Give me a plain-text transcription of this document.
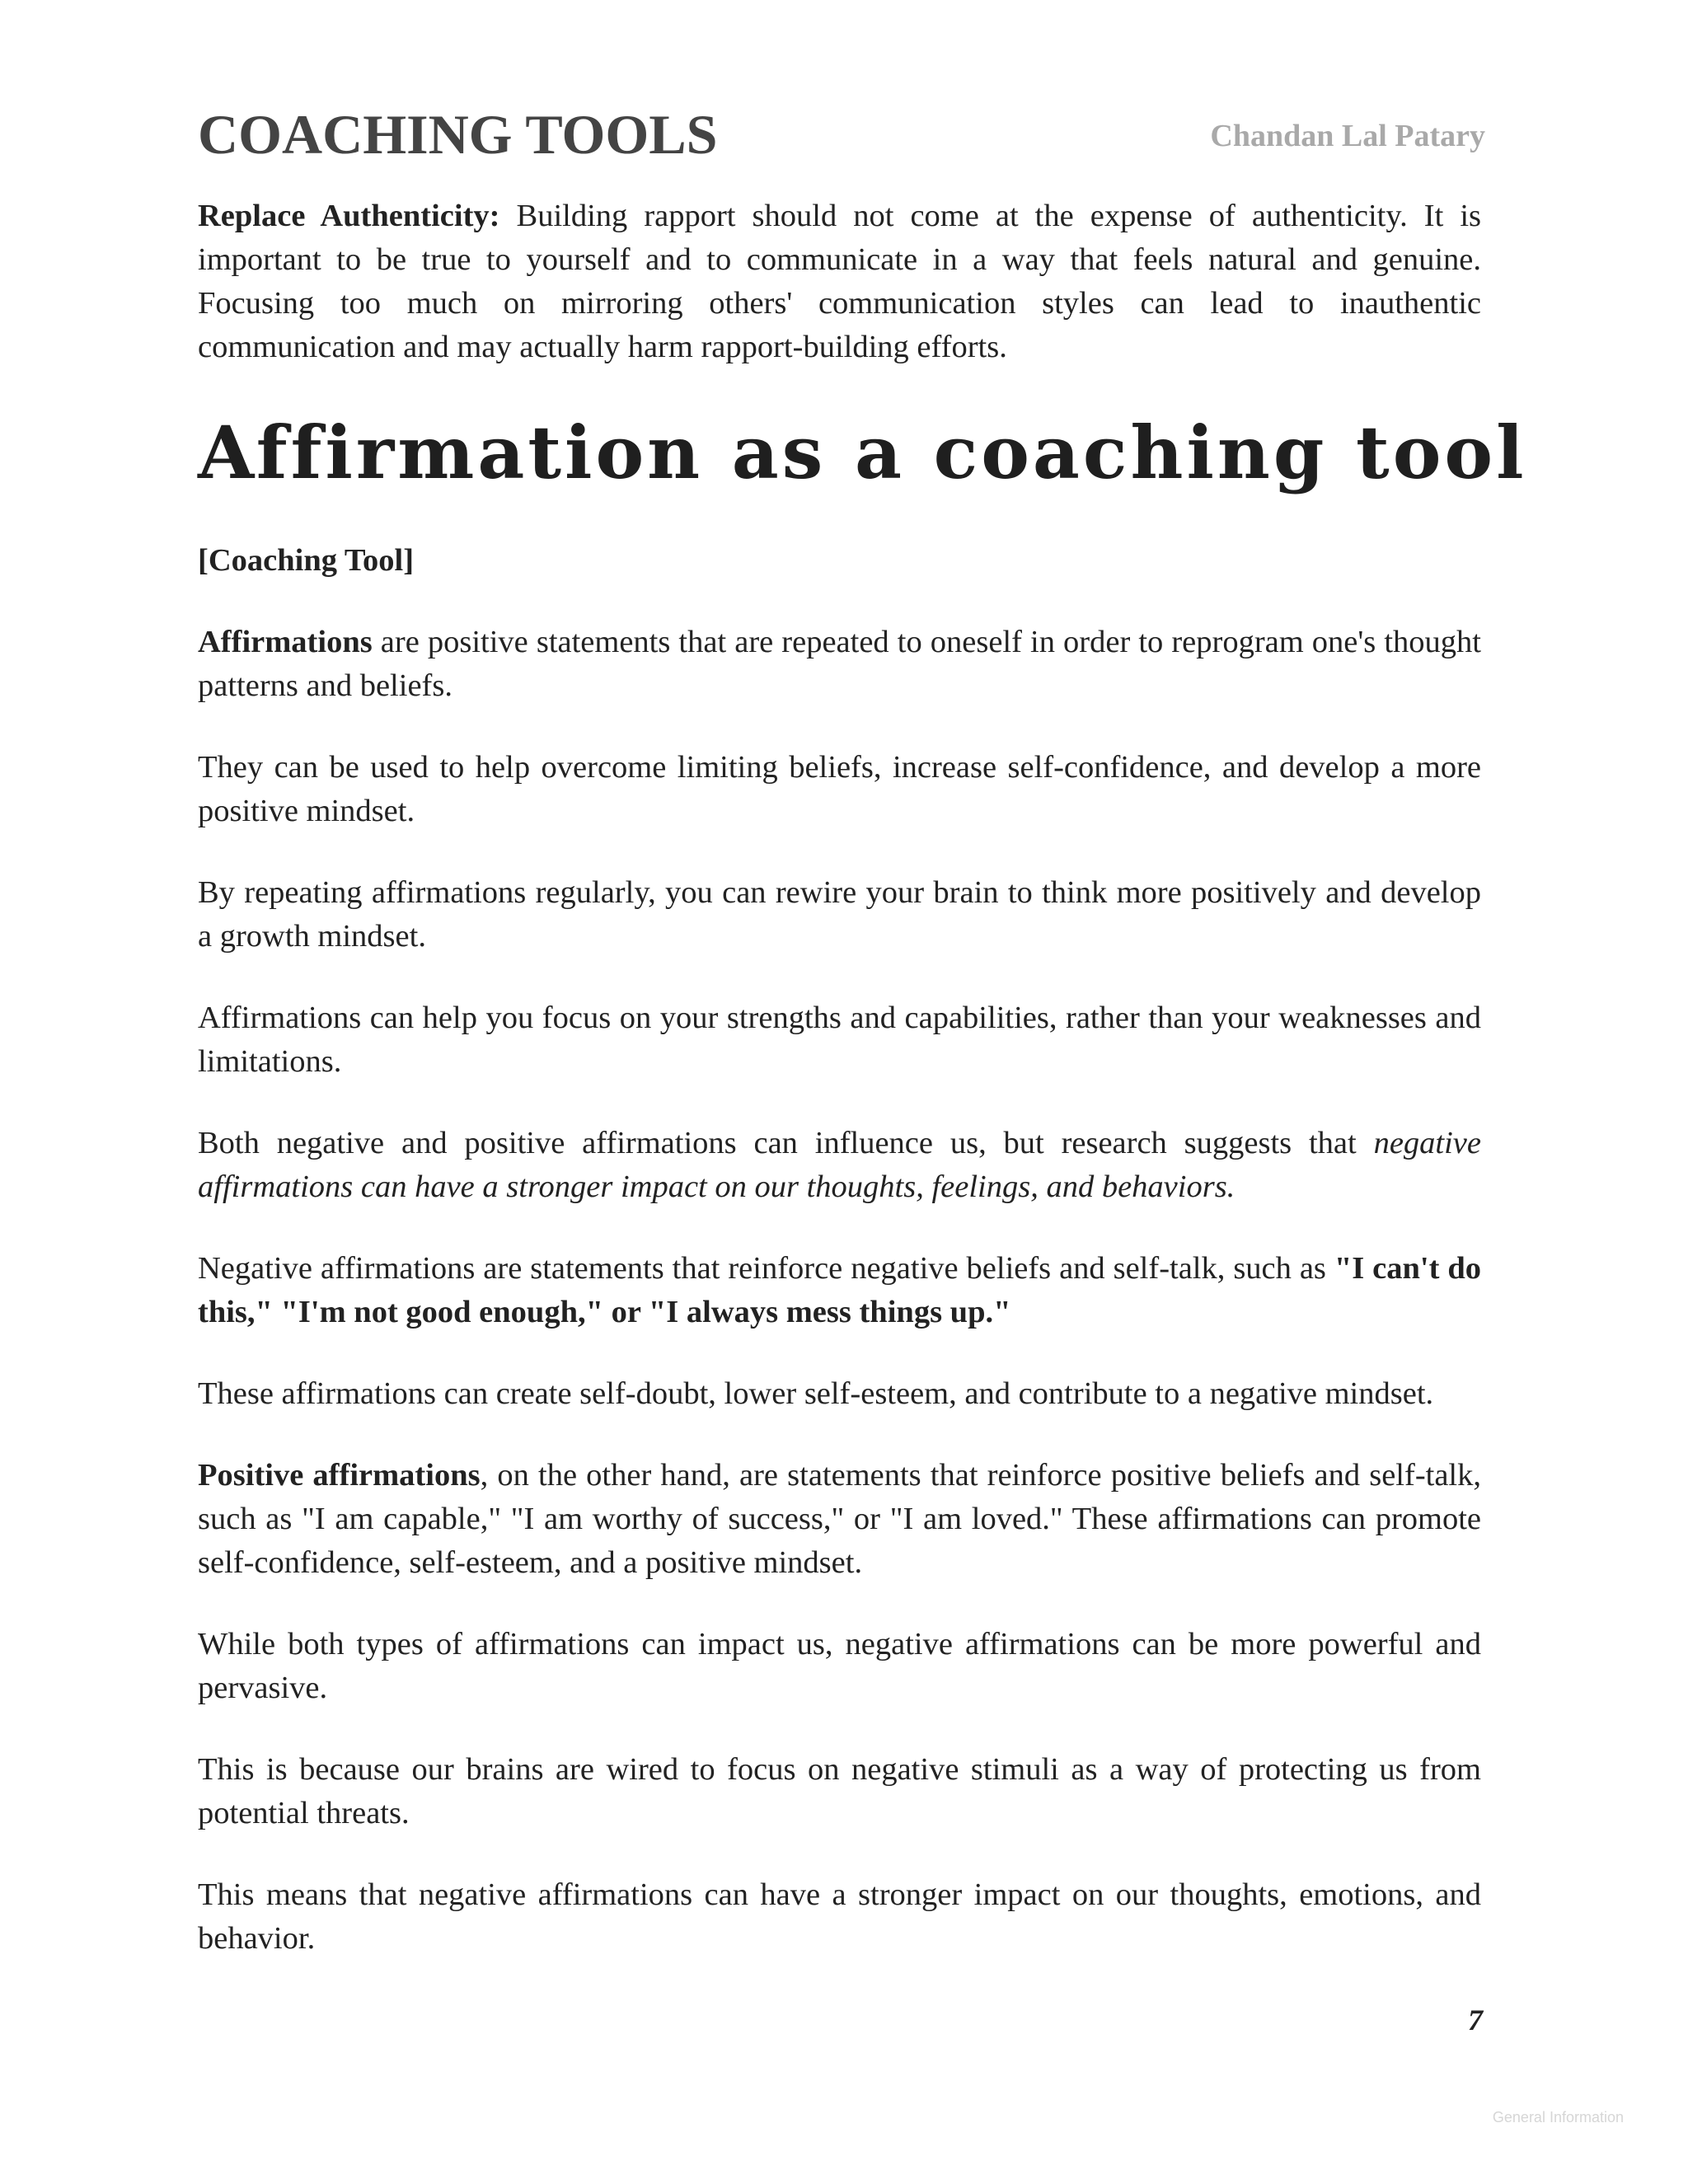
COACHING TOOLS	Chandan Lal Patary

Replace Authenticity: Building rapport should not come at the expense of authenticity. It is important to be true to yourself and to communicate in a way that feels natural and genuine. Focusing too much on mirroring others' communication styles can lead to inauthentic communication and may actually harm rapport-building efforts.

Affirmation as a coaching tool

[Coaching Tool]

Affirmations are positive statements that are repeated to oneself in order to reprogram one's thought patterns and beliefs.

They can be used to help overcome limiting beliefs, increase self-confidence, and develop a more positive mindset.

By repeating affirmations regularly, you can rewire your brain to think more positively and develop a growth mindset.

Affirmations can help you focus on your strengths and capabilities, rather than your weaknesses and limitations.

Both negative and positive affirmations can influence us, but research suggests that negative affirmations can have a stronger impact on our thoughts, feelings, and behaviors.

Negative affirmations are statements that reinforce negative beliefs and self-talk, such as "I can't do this," "I'm not good enough," or "I always mess things up."

These affirmations can create self-doubt, lower self-esteem, and contribute to a negative mindset.

Positive affirmations, on the other hand, are statements that reinforce positive beliefs and self-talk, such as "I am capable," "I am worthy of success," or "I am loved." These affirmations can promote self-confidence, self-esteem, and a positive mindset.

While both types of affirmations can impact us, negative affirmations can be more powerful and pervasive.

This is because our brains are wired to focus on negative stimuli as a way of protecting us from potential threats.

This means that negative affirmations can have a stronger impact on our thoughts, emotions, and behavior.

7
General Information
